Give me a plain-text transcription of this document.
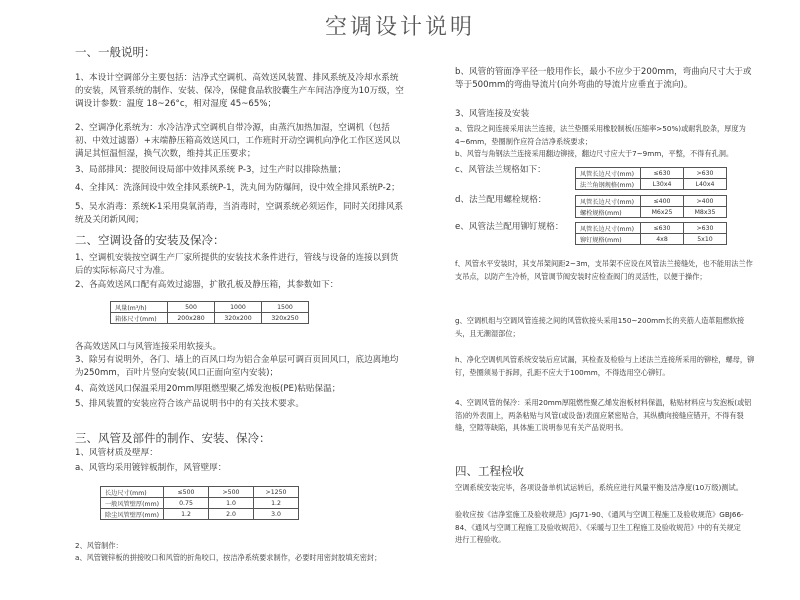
空调设计说明
一、一般说明：
1、本设计空调部分主要包括：洁净式空调机、高效送风装置、排风系统及冷却水系统的安装，风管系统的制作、安装、保冷，保健食品软胶囊生产车间洁净度为10万级，空调设计参数：温度 18~26°c，相对湿度 45~65%；
2、空调净化系统为：水冷洁净式空调机自带冷源，由蒸汽加热加湿，空调机（包括初、中效过滤器）+末端静压箱高效送风口，工作班时开动空调机向净化工作区送风以满足其恒温恒湿，换气次数，维持其正压要求；
3、局部排风：提胶间设局部中效排风系统 P-3，过生产时以排除热量；
4、全排风：洗涤间设中效全排风系统P-1，洗丸间为防爆间，设中效全排风系统P-2；
5、吴水消毒：系统K-1采用臭氧消毒，当消毒时，空调系统必须运作，同时关闭排风系统及关闭新风阀；
二、空调设备的安装及保冷：
1、空调机安装按空调生产厂家所提供的安装技术条件进行，管线与设备的连接以到货后的实际标高尺寸为准。
2、各高效送风口配有高效过滤器，扩散孔板及静压箱，其参数如下：
风量(m³/h)	500	1000	1500
箱体尺寸(mm)	200x280	320x200	320x250
各高效送风口与风管连接采用软接头。
3、除另有说明外，各门、墙上的百风口均为铝合金单层可调百页回风口，底边离地均为250mm，百叶片竖向安装(风口正面向室内安装)；
4、高效送风口保温采用20mm厚阻燃型聚乙烯发泡板(PE)粘贴保温；
5、排风装置的安装应符合该产品说明书中的有关技术要求。
三、风管及部件的制作、安装、保冷：
1、风管材质及壁厚：
a、风管均采用镀锌板制作，风管壁厚：
长边尺寸(mm)	≤500	>500	>1250
一般风管壁厚(mm)	0.75	1.0	1.2
除尘风管壁厚(mm)	1.2	2.0	3.0
2、风管制作：
a、风管镀锌板的拼接咬口和风管的折角咬口，按洁净系统要求制作，必要时用密封胶填充密封；
b、风管的管面净平径一般用作长，最小不应少于200mm，弯曲向尺寸大于或等于500mm的弯曲导流片(向外弯曲的导流片应垂直于流向)。
3、风管连接及安装
a、管段之间连接采用法兰连接，法兰垫圈采用橡胶制板(压缩率>50%)或耐乳胶条，厚度为4~6mm，垫圈制作应符合洁净系统要求；
b、风管与角钢法兰连接采用翻边铆接，翻边尺寸应大于7~9mm，平整，不得有孔洞。
c、风管法兰规格如下：	风管长边尺寸(mm)	≤630	>630
法兰角钢规格(mm)	L30x4	L40x4
d、法兰配用螺栓规格：	风管长边尺寸(mm)	≤400	>400
螺栓规格(mm)	M6x25	M8x35
e、风管法兰配用铆钉规格：	风管长边尺寸(mm)	≤630	>630
铆钉规格(mm)	4x8	5x10
f、风管水平安装时，其支吊架间距2~3m，支吊架不应设在风管法兰接缝处，也不能用法兰作支吊点，以防产生冷桥，风管调节阀安装时应检查阀门的灵活性，以便于操作；
g、空调机组与空调风管连接之间的风管软接头采用150~200mm长的夹筋人造革阻燃软接头，且无潮湿部位；
h、净化空调机风管系统安装后应试漏，其检查及检验与上述法兰连接所采用的铆栓，螺母，铆钉，垫圈须易于拆卸，孔距不应大于100mm，不得选用空心铆钉。
4、空调风管的保冷：采用20mm厚阻燃性聚乙烯发泡板材料保温，粘贴材料应与发泡板(或铝箔)的外表面上，两条粘贴与风管(或设备)表面应紧密贴合，其纵横向接缝应错开，不得有裂缝，空隙等缺陷，具体施工说明参见有关产品说明书。
四、工程检收
空调系统安装完毕，各项设备单机试运转后，系统应进行风量平衡及洁净度(10万级)测试。
验收应按《洁净室施工及验收规范》JGJ71-90、《通风与空调工程施工及验收规范》GBJ66-84、《通风与空调工程施工及验收规范》、《采暖与卫生工程施工及验收规范》中的有关规定进行工程验收。
